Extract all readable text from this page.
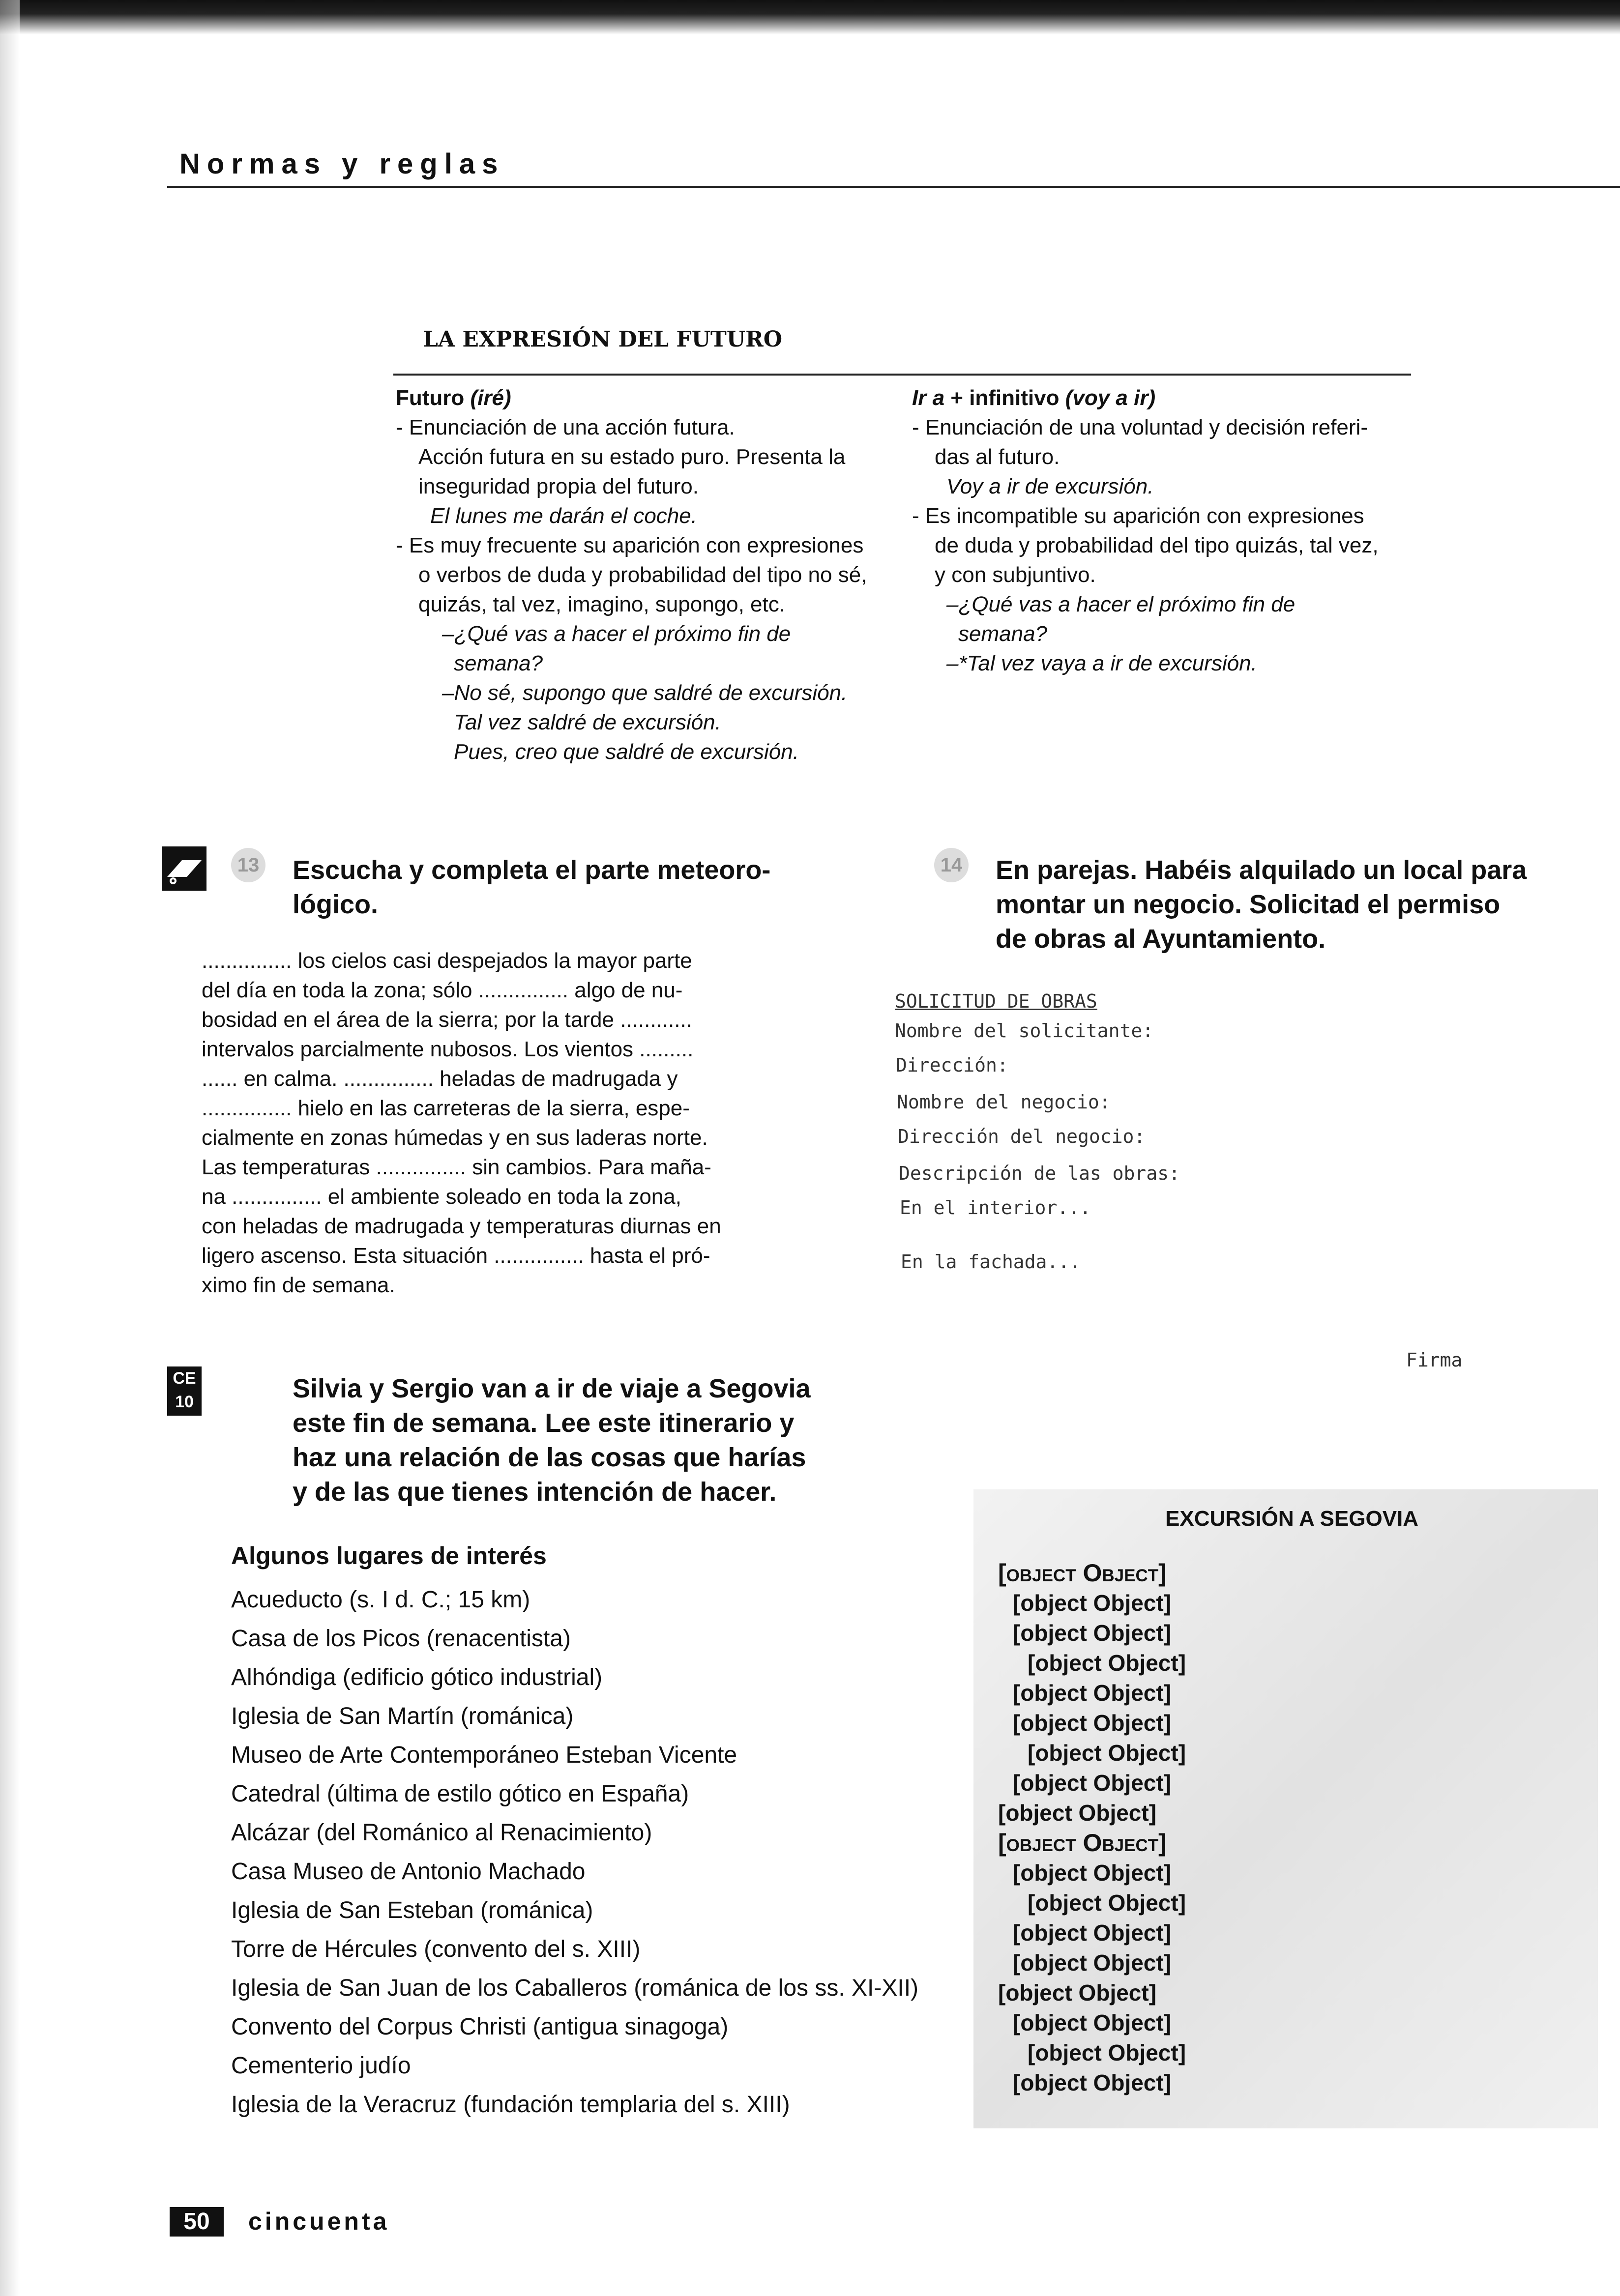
Normas y reglas
LA EXPRESIÓN DEL FUTURO

Futuro (iré)

- Enunciación de una acción futura.

Acción futura en su estado puro. Presenta la

inseguridad propia del futuro.

El lunes me darán el coche.

- Es muy frecuente su aparición con expresiones

o verbos de duda y probabilidad del tipo no sé,

quizás, tal vez, imagino, supongo, etc.

–¿Qué vas a hacer el próximo fin de

semana?

–No sé, supongo que saldré de excursión.

Tal vez saldré de excursión.

Pues, creo que saldré de excursión.

Ir a + infinitivo (voy a ir)

- Enunciación de una voluntad y decisión referi-

das al futuro.

Voy a ir de excursión.

- Es incompatible su aparición con expresiones

de duda y probabilidad del tipo quizás, tal vez,

y con subjuntivo.

–¿Qué vas a hacer el próximo fin de

semana?

–*Tal vez vaya a ir de excursión.

13 Escucha y completa el parte meteoro-
lógico.
............... los cielos casi despejados la mayor parte
del día en toda la zona; sólo ............... algo de nu-
bosidad en el área de la sierra; por la tarde ............
intervalos parcialmente nubosos. Los vientos .........
...... en calma. ............... heladas de madrugada y
............... hielo en las carreteras de la sierra, espe-
cialmente en zonas húmedas y en sus laderas norte.
Las temperaturas ............... sin cambios. Para maña-
na ............... el ambiente soleado en toda la zona,
con heladas de madrugada y temperaturas diurnas en
ligero ascenso. Esta situación ............... hasta el pró-
ximo fin de semana.
14 En parejas. Habéis alquilado un local para
montar un negocio. Solicitad el permiso
de obras al Ayuntamiento.
SOLICITUD DE OBRAS
Nombre del solicitante:
Dirección:
Nombre del negocio:
Dirección del negocio:
Descripción de las obras:
En el interior...
En la fachada...
Firma
CE
10	Silvia y Sergio van a ir de viaje a Segovia
este fin de semana. Lee este itinerario y
haz una relación de las cosas que harías
y de las que tienes intención de hacer.
Algunos lugares de interés
Acueducto (s. I d. C.; 15 km)
Casa de los Picos (renacentista)
Alhóndiga (edificio gótico industrial)
Iglesia de San Martín (románica)
Museo de Arte Contemporáneo Esteban Vicente
Catedral (última de estilo gótico en España)
Alcázar (del Románico al Renacimiento)
Casa Museo de Antonio Machado
Iglesia de San Esteban (románica)
Torre de Hércules (convento del s. XIII)
Iglesia de San Juan de los Caballeros (románica de los ss. XI-XII)
Convento del Corpus Christi (antigua sinagoga)
Cementerio judío
Iglesia de la Veracruz (fundación templaria del s. XIII)
EXCURSIÓN A SEGOVIA
[object Object]
[object Object]
[object Object]
[object Object]
[object Object]
[object Object]
[object Object]
[object Object]
[object Object]
[object Object]
[object Object]
[object Object]
[object Object]
[object Object]
[object Object]
[object Object]
[object Object]
[object Object]
50	cincuenta
